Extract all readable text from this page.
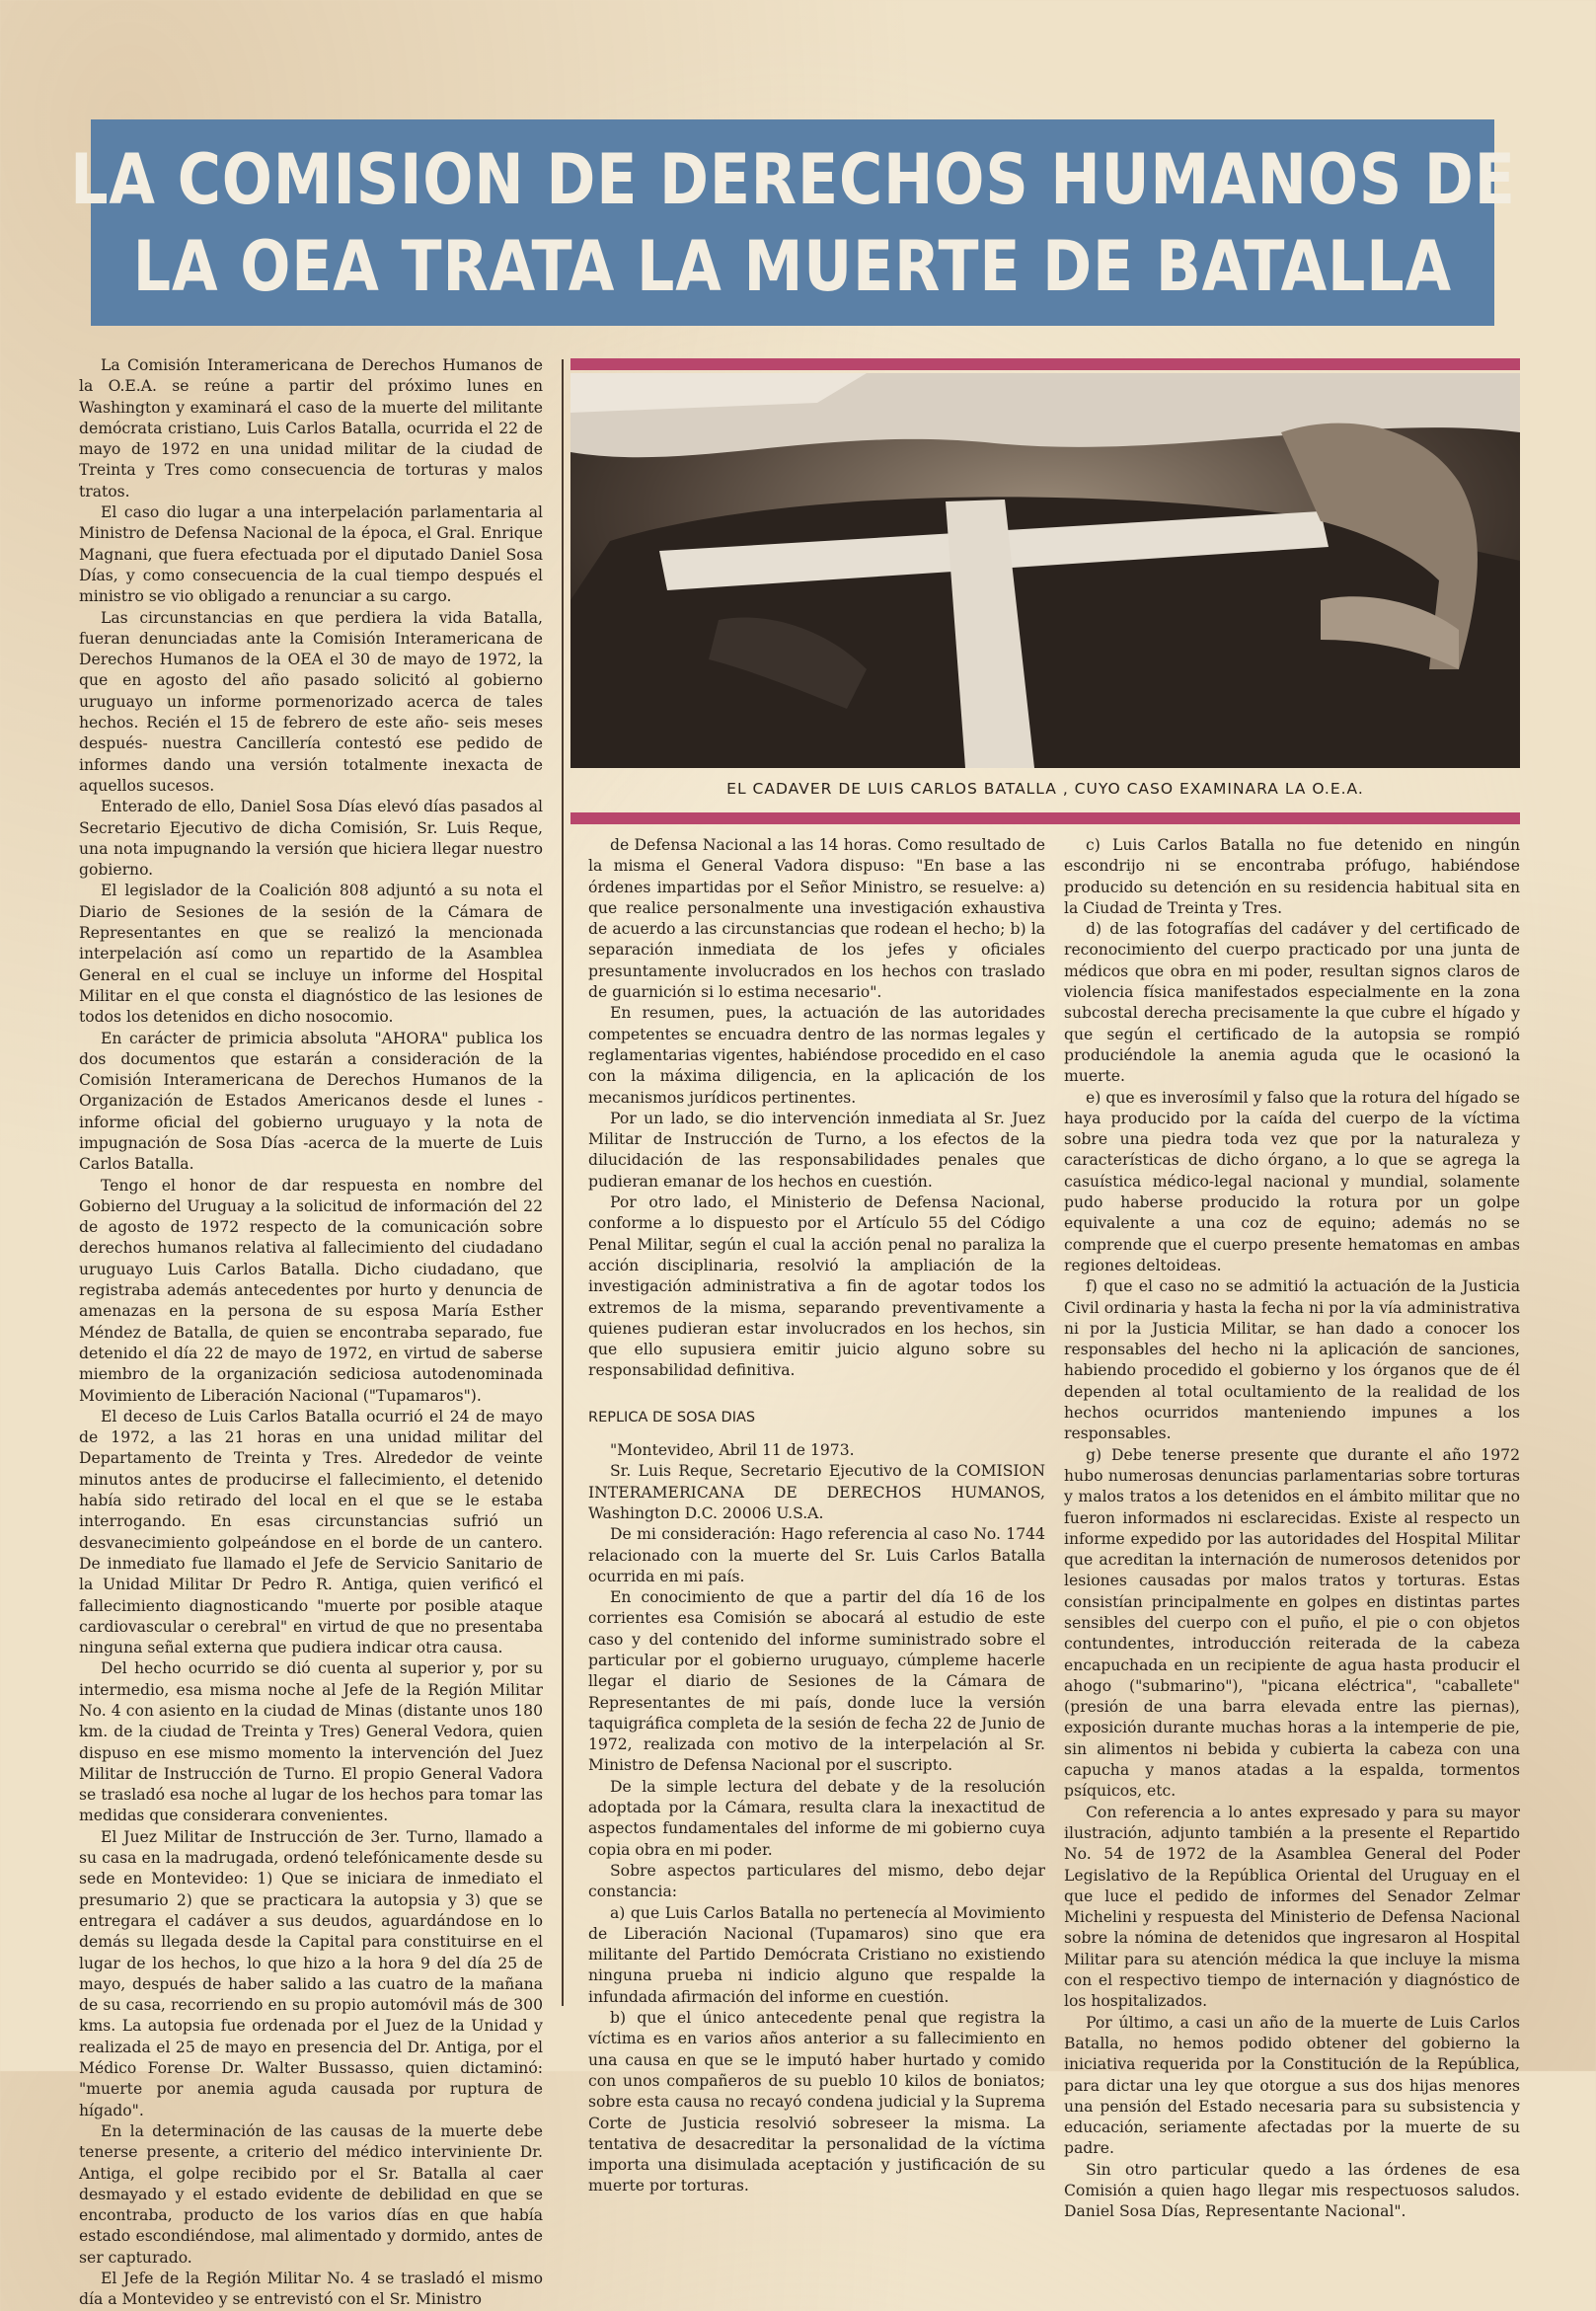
LA COMISION DE DERECHOS HUMANOS DE
LA OEA TRATA LA MUERTE DE BATALLA

La Comisión Interamericana de Derechos Humanos de la O.E.A. se reúne a partir del próximo lunes en Washington y examinará el caso de la muerte del militante demócrata cristiano, Luis Carlos Batalla, ocurrida el 22 de mayo de 1972 en una unidad militar de la ciudad de Treinta y Tres como consecuencia de torturas y malos tratos.

El caso dio lugar a una interpelación parlamentaria al Ministro de Defensa Nacional de la época, el Gral. Enrique Magnani, que fuera efectuada por el diputado Daniel Sosa Días, y como consecuencia de la cual tiempo después el ministro se vio obligado a renunciar a su cargo.

Las circunstancias en que perdiera la vida Batalla, fueran denunciadas ante la Comisión Interamericana de Derechos Humanos de la OEA el 30 de mayo de 1972, la que en agosto del año pasado solicitó al gobierno uruguayo un informe pormenorizado acerca de tales hechos. Recién el 15 de febrero de este año- seis meses después- nuestra Cancillería contestó ese pedido de informes dando una versión totalmente inexacta de aquellos sucesos.

Enterado de ello, Daniel Sosa Días elevó días pasados al Secretario Ejecutivo de dicha Comisión, Sr. Luis Reque, una nota impugnando la versión que hiciera llegar nuestro gobierno.

El legislador de la Coalición 808 adjuntó a su nota el Diario de Sesiones de la sesión de la Cámara de Representantes en que se realizó la mencionada interpelación así como un repartido de la Asamblea General en el cual se incluye un informe del Hospital Militar en el que consta el diagnóstico de las lesiones de todos los detenidos en dicho nosocomio.

En carácter de primicia absoluta "AHORA" publica los dos documentos que estarán a consideración de la Comisión Interamericana de Derechos Humanos de la Organización de Estados Americanos desde el lunes -informe oficial del gobierno uruguayo y la nota de impugnación de Sosa Días -acerca de la muerte de Luis Carlos Batalla.

Tengo el honor de dar respuesta en nombre del Gobierno del Uruguay a la solicitud de información del 22 de agosto de 1972 respecto de la comunicación sobre derechos humanos relativa al fallecimiento del ciudadano uruguayo Luis Carlos Batalla. Dicho ciudadano, que registraba además antecedentes por hurto y denuncia de amenazas en la persona de su esposa María Esther Méndez de Batalla, de quien se encontraba separado, fue detenido el día 22 de mayo de 1972, en virtud de saberse miembro de la organización sediciosa autodenominada Movimiento de Liberación Nacional ("Tupamaros").

El deceso de Luis Carlos Batalla ocurrió el 24 de mayo de 1972, a las 21 horas en una unidad militar del Departamento de Treinta y Tres. Alrededor de veinte minutos antes de producirse el fallecimiento, el detenido había sido retirado del local en el que se le estaba interrogando. En esas circunstancias sufrió un desvanecimiento golpeándose en el borde de un cantero. De inmediato fue llamado el Jefe de Servicio Sanitario de la Unidad Militar Dr Pedro R. Antiga, quien verificó el fallecimiento diagnosticando "muerte por posible ataque cardiovascular o cerebral" en virtud de que no presentaba ninguna señal externa que pudiera indicar otra causa.

Del hecho ocurrido se dió cuenta al superior y, por su intermedio, esa misma noche al Jefe de la Región Militar No. 4 con asiento en la ciudad de Minas (distante unos 180 km. de la ciudad de Treinta y Tres) General Vedora, quien dispuso en ese mismo momento la intervención del Juez Militar de Instrucción de Turno. El propio General Vadora se trasladó esa noche al lugar de los hechos para tomar las medidas que considerara convenientes.

El Juez Militar de Instrucción de 3er. Turno, llamado a su casa en la madrugada, ordenó telefónicamente desde su sede en Montevideo: 1) Que se iniciara de inmediato el presumario 2) que se practicara la autopsia y 3) que se entregara el cadáver a sus deudos, aguardándose en lo demás su llegada desde la Capital para constituirse en el lugar de los hechos, lo que hizo a la hora 9 del día 25 de mayo, después de haber salido a las cuatro de la mañana de su casa, recorriendo en su propio automóvil más de 300 kms. La autopsia fue ordenada por el Juez de la Unidad y realizada el 25 de mayo en presencia del Dr. Antiga, por el Médico Forense Dr. Walter Bussasso, quien dictaminó: "muerte por anemia aguda causada por ruptura de hígado".

En la determinación de las causas de la muerte debe tenerse presente, a criterio del médico interviniente Dr. Antiga, el golpe recibido por el Sr. Batalla al caer desmayado y el estado evidente de debilidad en que se encontraba, producto de los varios días en que había estado escondiéndose, mal alimentado y dormido, antes de ser capturado.

El Jefe de la Región Militar No. 4 se trasladó el mismo día a Montevideo y se entrevistó con el Sr. Ministro

EL CADAVER DE LUIS CARLOS BATALLA , CUYO CASO EXAMINARA LA O.E.A.

de Defensa Nacional a las 14 horas. Como resultado de la misma el General Vadora dispuso: "En base a las órdenes impartidas por el Señor Ministro, se resuelve: a) que realice personalmente una investigación exhaustiva de acuerdo a las circunstancias que rodean el hecho; b) la separación inmediata de los jefes y oficiales presuntamente involucrados en los hechos con traslado de guarnición si lo estima necesario".

En resumen, pues, la actuación de las autoridades competentes se encuadra dentro de las normas legales y reglamentarias vigentes, habiéndose procedido en el caso con la máxima diligencia, en la aplicación de los mecanismos jurídicos pertinentes.

Por un lado, se dio intervención inmediata al Sr. Juez Militar de Instrucción de Turno, a los efectos de la dilucidación de las responsabilidades penales que pudieran emanar de los hechos en cuestión.

Por otro lado, el Ministerio de Defensa Nacional, conforme a lo dispuesto por el Artículo 55 del Código Penal Militar, según el cual la acción penal no paraliza la acción disciplinaria, resolvió la ampliación de la investigación administrativa a fin de agotar todos los extremos de la misma, separando preventivamente a quienes pudieran estar involucrados en los hechos, sin que ello supusiera emitir juicio alguno sobre su responsabilidad definitiva.

REPLICA DE SOSA DIAS

"Montevideo, Abril 11 de 1973.

Sr. Luis Reque, Secretario Ejecutivo de la COMISION INTERAMERICANA DE DERECHOS HUMANOS, Washington D.C. 20006 U.S.A.

De mi consideración: Hago referencia al caso No. 1744 relacionado con la muerte del Sr. Luis Carlos Batalla ocurrida en mi país.

En conocimiento de que a partir del día 16 de los corrientes esa Comisión se abocará al estudio de este caso y del contenido del informe suministrado sobre el particular por el gobierno uruguayo, cúmpleme hacerle llegar el diario de Sesiones de la Cámara de Representantes de mi país, donde luce la versión taquigráfica completa de la sesión de fecha 22 de Junio de 1972, realizada con motivo de la interpelación al Sr. Ministro de Defensa Nacional por el suscripto.

De la simple lectura del debate y de la resolución adoptada por la Cámara, resulta clara la inexactitud de aspectos fundamentales del informe de mi gobierno cuya copia obra en mi poder.

Sobre aspectos particulares del mismo, debo dejar constancia:

a) que Luis Carlos Batalla no pertenecía al Movimiento de Liberación Nacional (Tupamaros) sino que era militante del Partido Demócrata Cristiano no existiendo ninguna prueba ni indicio alguno que respalde la infundada afirmación del informe en cuestión.

b) que el único antecedente penal que registra la víctima es en varios años anterior a su fallecimiento en una causa en que se le imputó haber hurtado y comido con unos compañeros de su pueblo 10 kilos de boniatos; sobre esta causa no recayó condena judicial y la Suprema Corte de Justicia resolvió sobreseer la misma. La tentativa de desacreditar la personalidad de la víctima importa una disimulada aceptación y justificación de su muerte por torturas.

c) Luis Carlos Batalla no fue detenido en ningún escondrijo ni se encontraba prófugo, habiéndose producido su detención en su residencia habitual sita en la Ciudad de Treinta y Tres.

d) de las fotografías del cadáver y del certificado de reconocimiento del cuerpo practicado por una junta de médicos que obra en mi poder, resultan signos claros de violencia física manifestados especialmente en la zona subcostal derecha precisamente la que cubre el hígado y que según el certificado de la autopsia se rompió produciéndole la anemia aguda que le ocasionó la muerte.

e) que es inverosímil y falso que la rotura del hígado se haya producido por la caída del cuerpo de la víctima sobre una piedra toda vez que por la naturaleza y características de dicho órgano, a lo que se agrega la casuística médico-legal nacional y mundial, solamente pudo haberse producido la rotura por un golpe equivalente a una coz de equino; además no se comprende que el cuerpo presente hematomas en ambas regiones deltoideas.

f) que el caso no se admitió la actuación de la Justicia Civil ordinaria y hasta la fecha ni por la vía administrativa ni por la Justicia Militar, se han dado a conocer los responsables del hecho ni la aplicación de sanciones, habiendo procedido el gobierno y los órganos que de él dependen al total ocultamiento de la realidad de los hechos ocurridos manteniendo impunes a los responsables.

g) Debe tenerse presente que durante el año 1972 hubo numerosas denuncias parlamentarias sobre torturas y malos tratos a los detenidos en el ámbito militar que no fueron informados ni esclarecidas. Existe al respecto un informe expedido por las autoridades del Hospital Militar que acreditan la internación de numerosos detenidos por lesiones causadas por malos tratos y torturas. Estas consistían principalmente en golpes en distintas partes sensibles del cuerpo con el puño, el pie o con objetos contundentes, introducción reiterada de la cabeza encapuchada en un recipiente de agua hasta producir el ahogo ("submarino"), "picana eléctrica", "caballete" (presión de una barra elevada entre las piernas), exposición durante muchas horas a la intemperie de pie, sin alimentos ni bebida y cubierta la cabeza con una capucha y manos atadas a la espalda, tormentos psíquicos, etc.

Con referencia a lo antes expresado y para su mayor ilustración, adjunto también a la presente el Repartido No. 54 de 1972 de la Asamblea General del Poder Legislativo de la República Oriental del Uruguay en el que luce el pedido de informes del Senador Zelmar Michelini y respuesta del Ministerio de Defensa Nacional sobre la nómina de detenidos que ingresaron al Hospital Militar para su atención médica la que incluye la misma con el respectivo tiempo de internación y diagnóstico de los hospitalizados.

Por último, a casi un año de la muerte de Luis Carlos Batalla, no hemos podido obtener del gobierno la iniciativa requerida por la Constitución de la República, para dictar una ley que otorgue a sus dos hijas menores una pensión del Estado necesaria para su subsistencia y educación, seriamente afectadas por la muerte de su padre.

Sin otro particular quedo a las órdenes de esa Comisión a quien hago llegar mis respectuosos saludos. Daniel Sosa Días, Representante Nacional".
